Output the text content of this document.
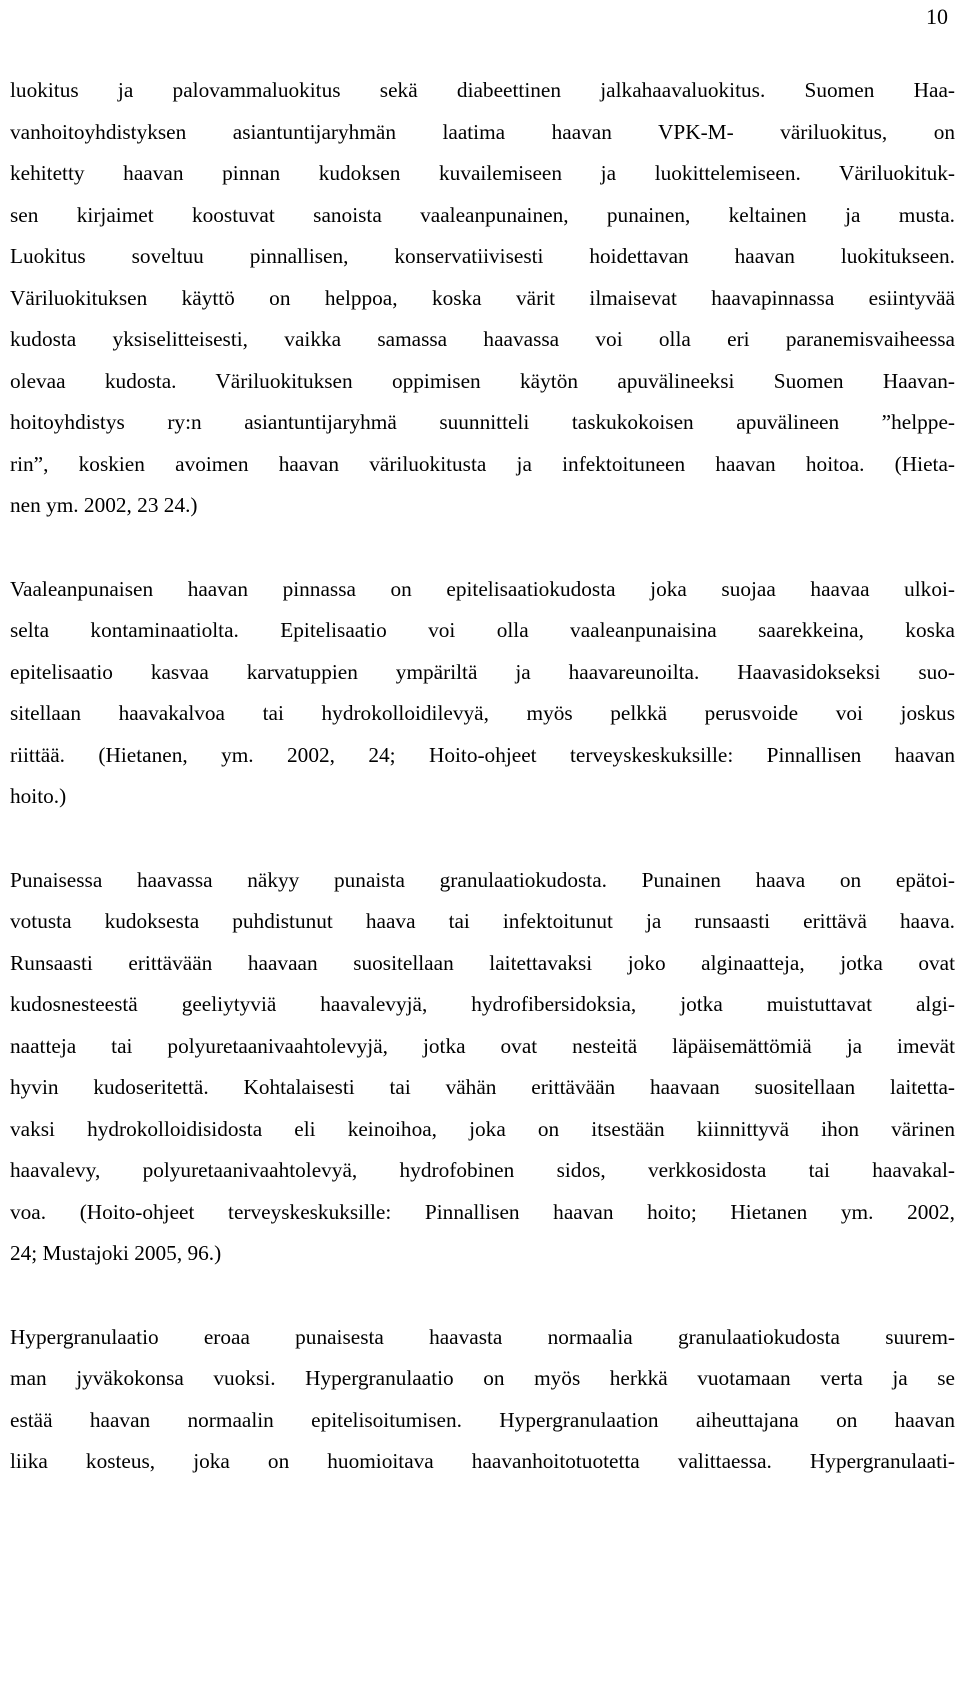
10
luokitus ja palovammaluokitus sekä diabeettinen jalkahaavaluokitus. Suomen Haa-
vanhoitoyhdistyksen asiantuntijaryhmän laatima haavan VPK-M- väriluokitus, on
kehitetty haavan pinnan kudoksen kuvailemiseen ja luokittelemiseen. Väriluokituk-
sen kirjaimet koostuvat sanoista vaaleanpunainen, punainen, keltainen ja musta.
Luokitus soveltuu pinnallisen, konservatiivisesti hoidettavan haavan luokitukseen.
Väriluokituksen käyttö on helppoa, koska värit ilmaisevat haavapinnassa esiintyvää
kudosta yksiselitteisesti, vaikka samassa haavassa voi olla eri paranemisvaiheessa
olevaa kudosta. Väriluokituksen oppimisen käytön apuvälineeksi Suomen Haavan-
hoitoyhdistys ry:n asiantuntijaryhmä suunnitteli taskukokoisen apuvälineen ”helppe-
rin”, koskien avoimen haavan väriluokitusta ja infektoituneen haavan hoitoa. (Hieta-
nen ym. 2002, 23 24.)
Vaaleanpunaisen haavan pinnassa on epitelisaatiokudosta joka suojaa haavaa ulkoi-
selta kontaminaatiolta. Epitelisaatio voi olla vaaleanpunaisina saarekkeina, koska
epitelisaatio kasvaa karvatuppien ympäriltä ja haavareunoilta. Haavasidokseksi suo-
sitellaan haavakalvoa tai hydrokolloidilevyä, myös pelkkä perusvoide voi joskus
riittää. (Hietanen, ym. 2002, 24; Hoito-ohjeet terveyskeskuksille: Pinnallisen haavan
hoito.)
Punaisessa haavassa näkyy punaista granulaatiokudosta. Punainen haava on epätoi-
votusta kudoksesta puhdistunut haava tai infektoitunut ja runsaasti erittävä haava.
Runsaasti erittävään haavaan suositellaan laitettavaksi joko alginaatteja, jotka ovat
kudosnesteestä geeliytyviä haavalevyjä, hydrofibersidoksia, jotka muistuttavat algi-
naatteja tai polyuretaanivaahtolevyjä, jotka ovat nesteitä läpäisemättömiä ja imevät
hyvin kudoseritettä. Kohtalaisesti tai vähän erittävään haavaan suositellaan laitetta-
vaksi hydrokolloidisidosta eli keinoihoa, joka on itsestään kiinnittyvä ihon värinen
haavalevy, polyuretaanivaahtolevyä, hydrofobinen sidos, verkkosidosta tai haavakal-
voa. (Hoito-ohjeet terveyskeskuksille: Pinnallisen haavan hoito; Hietanen ym. 2002,
24; Mustajoki 2005, 96.)
Hypergranulaatio eroaa punaisesta haavasta normaalia granulaatiokudosta suurem-
man jyväkokonsa vuoksi. Hypergranulaatio on myös herkkä vuotamaan verta ja se
estää haavan normaalin epitelisoitumisen. Hypergranulaation aiheuttajana on haavan
liika kosteus, joka on huomioitava haavanhoitotuotetta valittaessa. Hypergranulaati-
